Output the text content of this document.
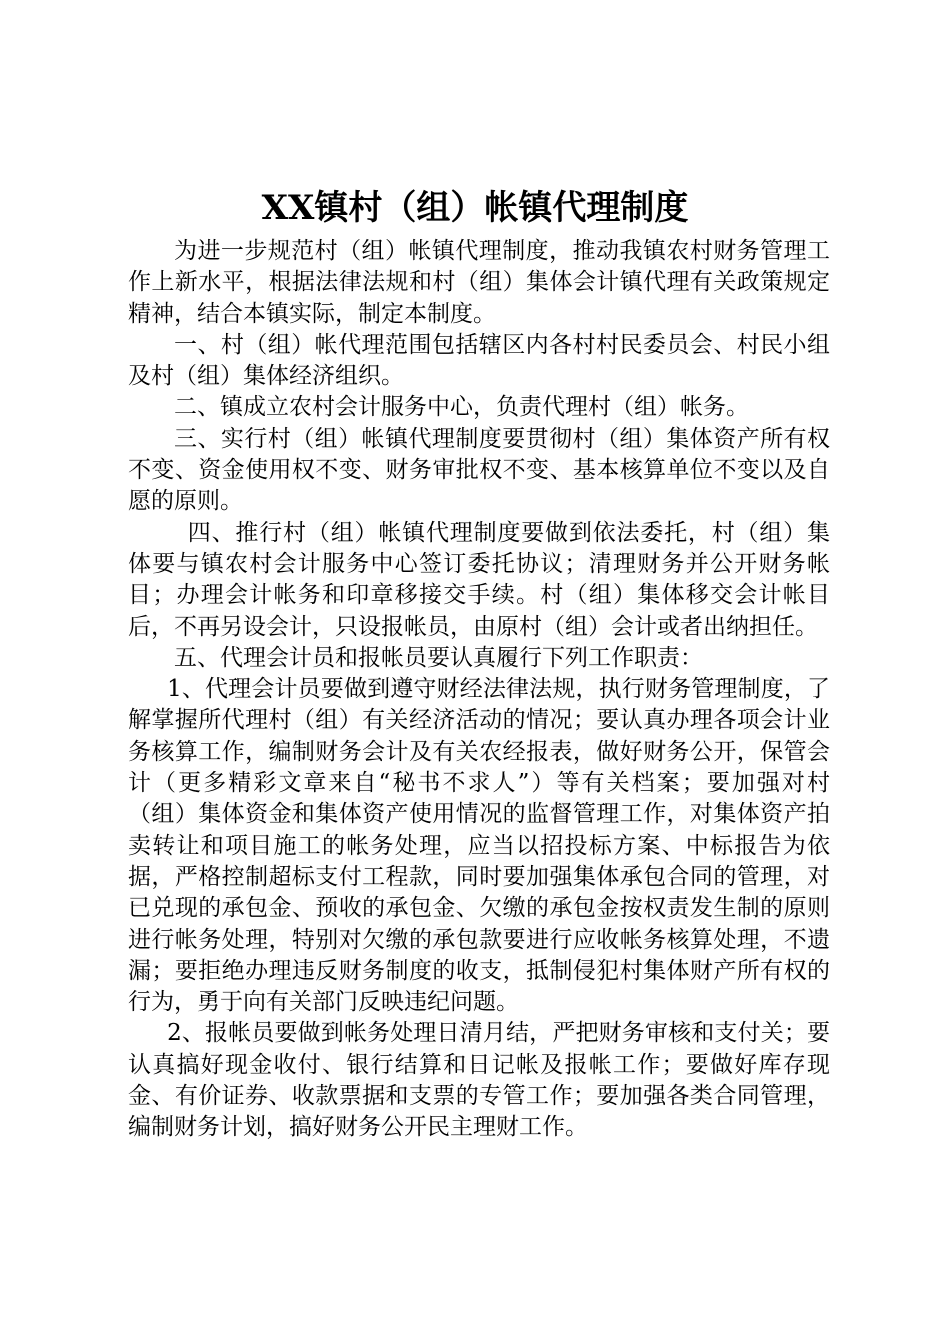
XX镇村（组）帐镇代理制度

为进一步规范村（组）帐镇代理制度，推动我镇农村财务管理工作上新水平，根据法律法规和村（组）集体会计镇代理有关政策规定精神，结合本镇实际，制定本制度。

一、村（组）帐代理范围包括辖区内各村村民委员会、村民小组及村（组）集体经济组织。

二、镇成立农村会计服务中心，负责代理村（组）帐务。

三、实行村（组）帐镇代理制度要贯彻村（组）集体资产所有权不变、资金使用权不变、财务审批权不变、基本核算单位不变以及自愿的原则。

四、推行村（组）帐镇代理制度要做到依法委托，村（组）集体要与镇农村会计服务中心签订委托协议；清理财务并公开财务帐目；办理会计帐务和印章移接交手续。村（组）集体移交会计帐目后，不再另设会计，只设报帐员，由原村（组）会计或者出纳担任。

五、代理会计员和报帐员要认真履行下列工作职责：

1、代理会计员要做到遵守财经法律法规，执行财务管理制度，了解掌握所代理村（组）有关经济活动的情况；要认真办理各项会计业务核算工作，编制财务会计及有关农经报表，做好财务公开，保管会计（更多精彩文章来自“秘书不求人”）等有关档案；要加强对村（组）集体资金和集体资产使用情况的监督管理工作，对集体资产拍卖转让和项目施工的帐务处理，应当以招投标方案、中标报告为依据，严格控制超标支付工程款，同时要加强集体承包合同的管理，对已兑现的承包金、预收的承包金、欠缴的承包金按权责发生制的原则进行帐务处理，特别对欠缴的承包款要进行应收帐务核算处理，不遗漏；要拒绝办理违反财务制度的收支，抵制侵犯村集体财产所有权的行为，勇于向有关部门反映违纪问题。

2、报帐员要做到帐务处理日清月结，严把财务审核和支付关；要认真搞好现金收付、银行结算和日记帐及报帐工作；要做好库存现金、有价证券、收款票据和支票的专管工作；要加强各类合同管理，编制财务计划，搞好财务公开民主理财工作。
